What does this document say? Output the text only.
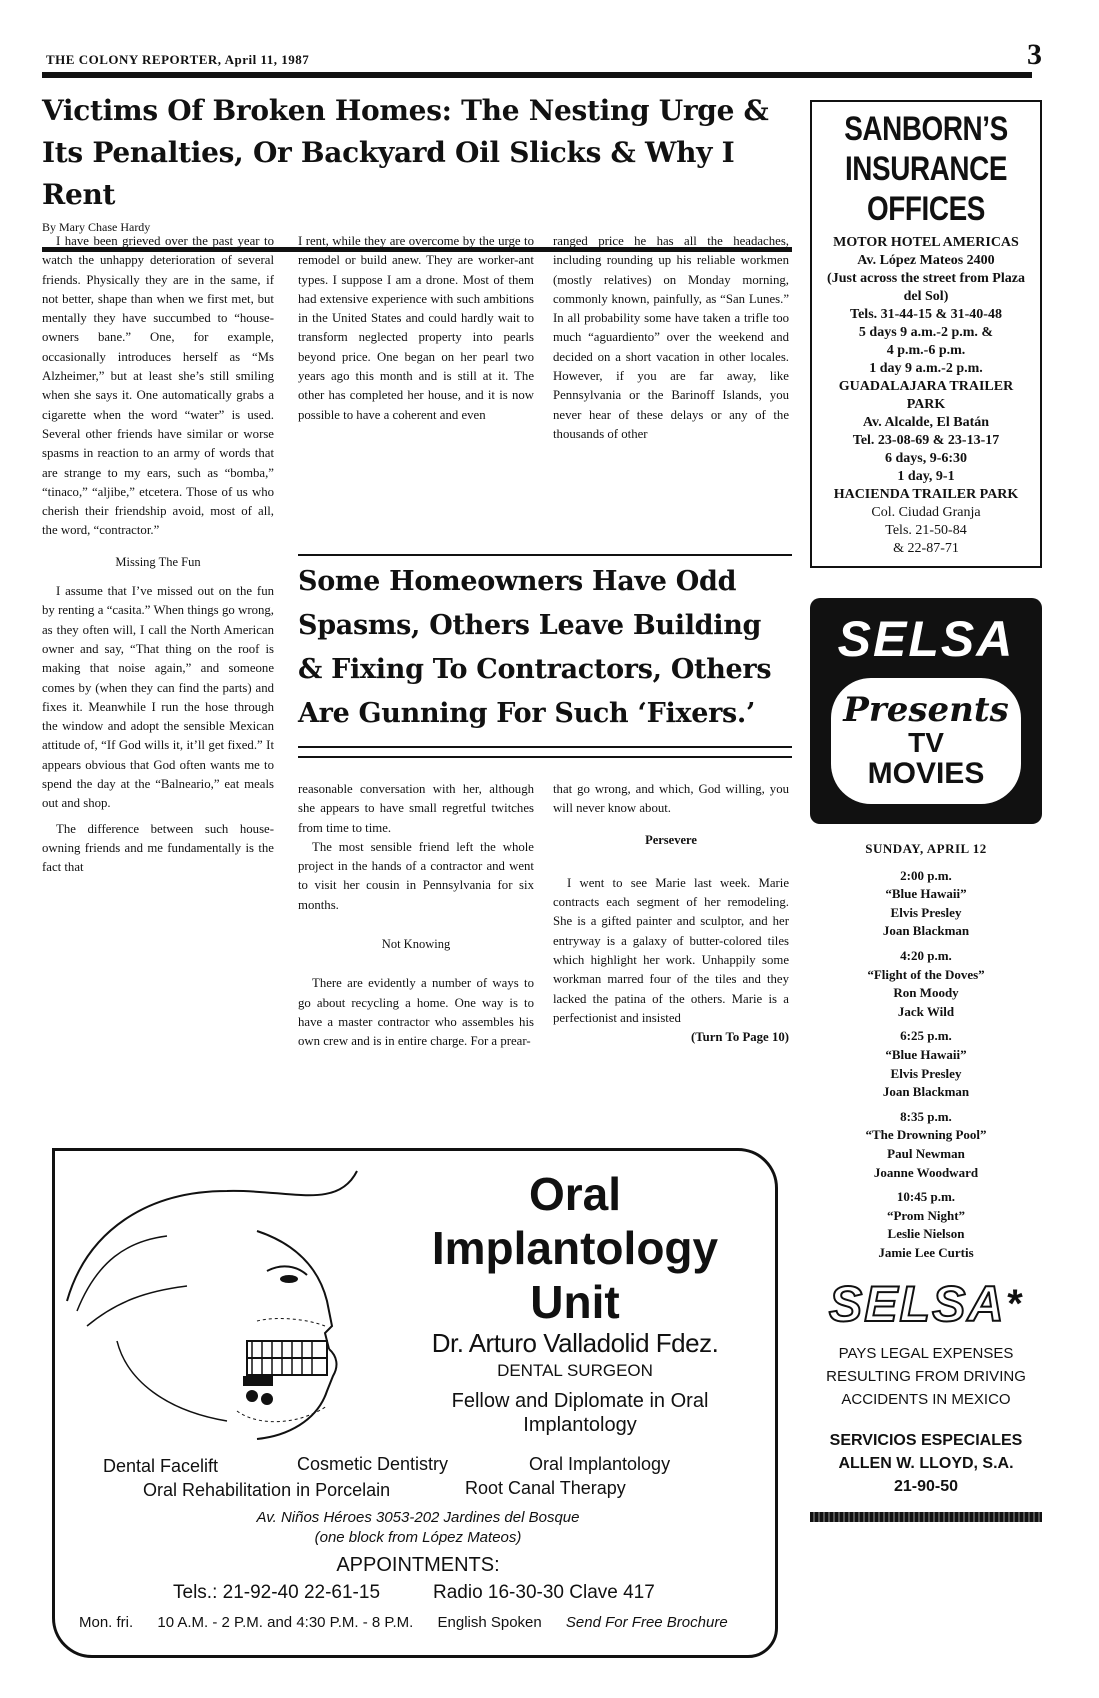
THE COLONY REPORTER, April 11, 1987	3
Victims Of Broken Homes: The Nesting Urge &
Its Penalties, Or Backyard Oil Slicks & Why I Rent
By Mary Chase Hardy

I have been grieved over the past year to watch the unhappy deterioration of several friends. Physically they are in the same, if not better, shape than when we first met, but mentally they have succumbed to “house-owners bane.” One, for example, occasionally introduces herself as “Ms Alzheimer,” but at least she’s still smiling when she says it. One automatically grabs a cigarette when the word “water” is used. Several other friends have similar or worse spasms in reaction to an army of words that are strange to my ears, such as “bomba,” “tinaco,” “aljibe,” etcetera. Those of us who cherish their friendship avoid, most of all, the word, “contractor.”

Missing The Fun

I assume that I’ve missed out on the fun by renting a “casita.” When things go wrong, as they often will, I call the North American owner and say, “That thing on the roof is making that noise again,” and someone comes by (when they can find the parts) and fixes it. Meanwhile I run the hose through the window and adopt the sensible Mexican attitude of, “If God wills it, it’ll get fixed.” It appears obvious that God often wants me to spend the day at the “Balneario,” eat meals out and shop.

The difference between such house-owning friends and me fundamentally is the fact that

I rent, while they are overcome by the urge to remodel or build anew. They are worker-ant types. I suppose I am a drone. Most of them had extensive experience with such ambitions in the United States and could hardly wait to transform neglected property into pearls beyond price. One began on her pearl two years ago this month and is still at it. The other has completed her house, and it is now possible to have a coherent and even

ranged price he has all the headaches, including rounding up his reliable workmen (mostly relatives) on Monday morning, commonly known, painfully, as “San Lunes.” In all probability some have taken a trifle too much “aguardiento” over the weekend and decided on a short vacation in other locales. However, if you are far away, like Pennsylvania or the Barinoff Islands, you never hear of these delays or any of the thousands of other

Some Homeowners Have Odd Spasms, Others Leave Building & Fixing To Contractors, Others Are Gunning For Such ‘Fixers.’

reasonable conversation with her, although she appears to have small regretful twitches from time to time.

The most sensible friend left the whole project in the hands of a contractor and went to visit her cousin in Pennsylvania for six months.

Not Knowing

There are evidently a number of ways to go about recycling a home. One way is to have a master contractor who assembles his own crew and is in entire charge. For a prear-

that go wrong, and which, God willing, you will never know about.

Persevere

I went to see Marie last week. Marie contracts each segment of her remodeling. She is a gifted painter and sculptor, and her entryway is a galaxy of butter-colored tiles which highlight her work. Unhappily some workman marred four of the tiles and they lacked the patina of the others. Marie is a perfectionist and insisted

(Turn To Page 10)

SANBORN’S
INSURANCE
OFFICES
MOTOR HOTEL AMERICAS
Av. López Mateos 2400
(Just across the street from Plaza del Sol)
Tels. 31-44-15 & 31-40-48
5 days 9 a.m.-2 p.m. &
4 p.m.-6 p.m.
1 day 9 a.m.-2 p.m.
GUADALAJARA TRAILER PARK
Av. Alcalde, El Batán
Tel. 23-08-69 & 23-13-17
6 days, 9-6:30
1 day, 9-1
HACIENDA TRAILER PARK
Col. Ciudad Granja
Tels. 21-50-84
& 22-87-71
SELSA
Presents
TV
MOVIES
SUNDAY, APRIL 12
2:00 p.m.
“Blue Hawaii”
Elvis Presley
Joan Blackman
4:20 p.m.
“Flight of the Doves”
Ron Moody
Jack Wild
6:25 p.m.
“Blue Hawaii”
Elvis Presley
Joan Blackman
8:35 p.m.
“The Drowning Pool”
Paul Newman
Joanne Woodward
10:45 p.m.
“Prom Night”
Leslie Nielson
Jamie Lee Curtis
SELSA*
PAYS LEGAL EXPENSES RESULTING FROM DRIVING ACCIDENTS IN MEXICO
SERVICIOS ESPECIALES
ALLEN W. LLOYD, S.A.
21-90-50
Oral
Implantology
Unit
Dr. Arturo Valladolid Fdez.
DENTAL SURGEON
Fellow and Diplomate in Oral Implantology
Dental Facelift	Cosmetic Dentistry	Oral Implantology
Oral Rehabilitation in Porcelain	Root Canal Therapy
Av. Niños Héroes 3053-202 Jardines del Bosque
(one block from López Mateos)
APPOINTMENTS:
Tels.: 21-92-40 22-61-15	Radio 16-30-30 Clave 417
Mon. fri. 10 A.M. - 2 P.M. and 4:30 P.M. - 8 P.M. English Spoken Send For Free Brochure
